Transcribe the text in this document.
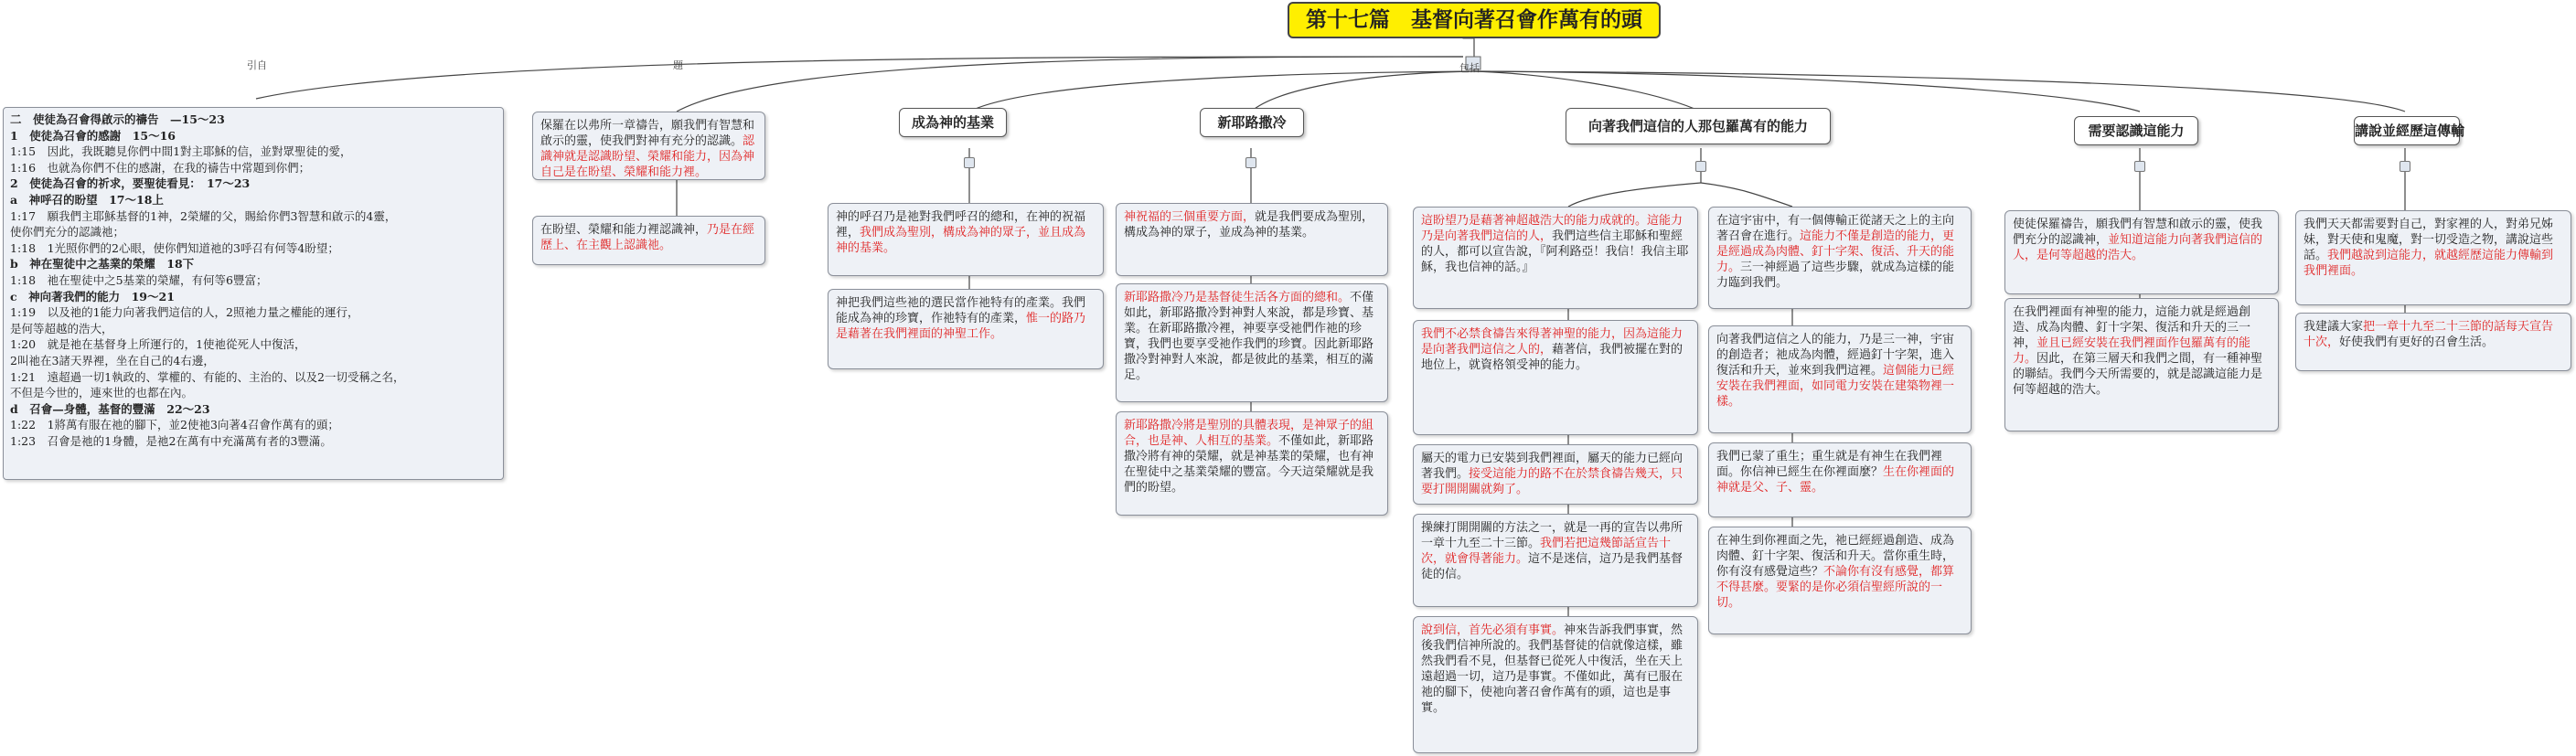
第十七篇　基督向著召會作萬有的頭
引自	題	包括
二　使徒為召會得啟示的禱告　—15～23
1　使徒為召會的感謝　15～16
1:15　因此，我既聽見你們中間1對主耶穌的信，並對眾聖徒的愛，
1:16　也就為你們不住的感謝，在我的禱告中常題到你們；
2　使徒為召會的祈求，要聖徒看見：　17～23
a　神呼召的盼望　17～18上
1:17　願我們主耶穌基督的1神，2榮耀的父，賜給你們3智慧和啟示的4靈，
使你們充分的認識祂；
1:18　1光照你們的2心眼，使你們知道祂的3呼召有何等4盼望；
b　神在聖徒中之基業的榮耀　18下
1:18　祂在聖徒中之5基業的榮耀，有何等6豐富；
c　神向著我們的能力　19～21
1:19　以及祂的1能力向著我們這信的人，2照祂力量之權能的運行，
是何等超越的浩大，
1:20　就是祂在基督身上所運行的，1使祂從死人中復活，
2叫祂在3諸天界裡，坐在自己的4右邊，
1:21　遠超過一切1執政的、掌權的、有能的、主治的、以及2一切受稱之名，
不但是今世的，連來世的也都在內。
d　召會—身體，基督的豐滿　22～23
1:22　1將萬有服在祂的腳下，並2使祂3向著4召會作萬有的頭；
1:23　召會是祂的1身體，是祂2在萬有中充滿萬有者的3豐滿。
保羅在以弗所一章禱告，願我們有智慧和啟示的靈，使我們對神有充分的認識。認識神就是認識盼望、榮耀和能力，因為神自己是在盼望、榮耀和能力裡。
在盼望、榮耀和能力裡認識神，乃是在經歷上、在主觀上認識祂。
成為神的基業	新耶路撒冷	向著我們這信的人那包羅萬有的能力	需要認識這能力	講說並經歷這傳輸
神的呼召乃是祂對我們呼召的總和，在神的祝福裡，我們成為聖別，構成為神的眾子，並且成為神的基業。
神把我們這些祂的選民當作祂特有的產業。我們能成為神的珍寶，作祂特有的產業，惟一的路乃是藉著在我們裡面的神聖工作。
神祝福的三個重要方面，就是我們要成為聖別，構成為神的眾子，並成為神的基業。
新耶路撒冷乃是基督徒生活各方面的總和。不僅如此，新耶路撒冷對神對人來說，都是珍寶、基業。在新耶路撒冷裡，神要享受祂們作祂的珍寶，我們也要享受祂作我們的珍寶。因此新耶路撒冷對神對人來說，都是彼此的基業，相互的滿足。
新耶路撒冷將是聖別的具體表現，是神眾子的組合，也是神、人相互的基業。不僅如此，新耶路撒冷將有神的榮耀，就是神基業的榮耀，也有神在聖徒中之基業榮耀的豐富。今天這榮耀就是我們的盼望。
這盼望乃是藉著神超越浩大的能力成就的。這能力乃是向著我們這信的人，我們這些信主耶穌和聖經的人，都可以宣告說，『阿利路亞！我信！我信主耶穌，我也信神的話。』
我們不必禁食禱告來得著神聖的能力，因為這能力是向著我們這信之人的，藉著信，我們被擺在對的地位上，就資格領受神的能力。
屬天的電力已安裝到我們裡面，屬天的能力已經向著我們。接受這能力的路不在於禁食禱告幾天，只要打開開關就夠了。
操練打開開關的方法之一，就是一再的宣告以弗所一章十九至二十三節。我們若把這幾節話宣告十次，就會得著能力。這不是迷信，這乃是我們基督徒的信。
說到信，首先必須有事實。神來告訴我們事實，然後我們信神所說的。我們基督徒的信就像這樣，雖然我們看不見，但基督已從死人中復活，坐在天上遠超過一切，這乃是事實。不僅如此，萬有已服在祂的腳下，使祂向著召會作萬有的頭，這也是事實。
在這宇宙中，有一個傳輸正從諸天之上的主向著召會在進行。這能力不僅是創造的能力，更是經過成為肉體、釘十字架、復活、升天的能力。三一神經過了這些步驟，就成為這樣的能力臨到我們。
向著我們這信之人的能力，乃是三一神，宇宙的創造者；祂成為肉體，經過釘十字架，進入復活和升天，並來到我們這裡。這個能力已經安裝在我們裡面，如同電力安裝在建築物裡一樣。
我們已蒙了重生；重生就是有神生在我們裡面。你信神已經生在你裡面麼？生在你裡面的神就是父、子、靈。
在神生到你裡面之先，祂已經經過創造、成為肉體、釘十字架、復活和升天。當你重生時，你有沒有感覺這些？不論你有沒有感覺，都算不得甚麼。要緊的是你必須信聖經所說的一切。
使徒保羅禱告，願我們有智慧和啟示的靈，使我們充分的認識神，並知道這能力向著我們這信的人，是何等超越的浩大。
在我們裡面有神聖的能力，這能力就是經過創造、成為肉體、釘十字架、復活和升天的三一神，並且已經安裝在我們裡面作包羅萬有的能力。因此，在第三層天和我們之間，有一種神聖的聯結。我們今天所需要的，就是認識這能力是何等超越的浩大。
我們天天都需要對自己，對家裡的人，對弟兄姊妹，對天使和鬼魔，對一切受造之物，講說這些話。我們越說到這能力，就越經歷這能力傳輸到我們裡面。
我建議大家把一章十九至二十三節的話每天宣告十次，好使我們有更好的召會生活。
